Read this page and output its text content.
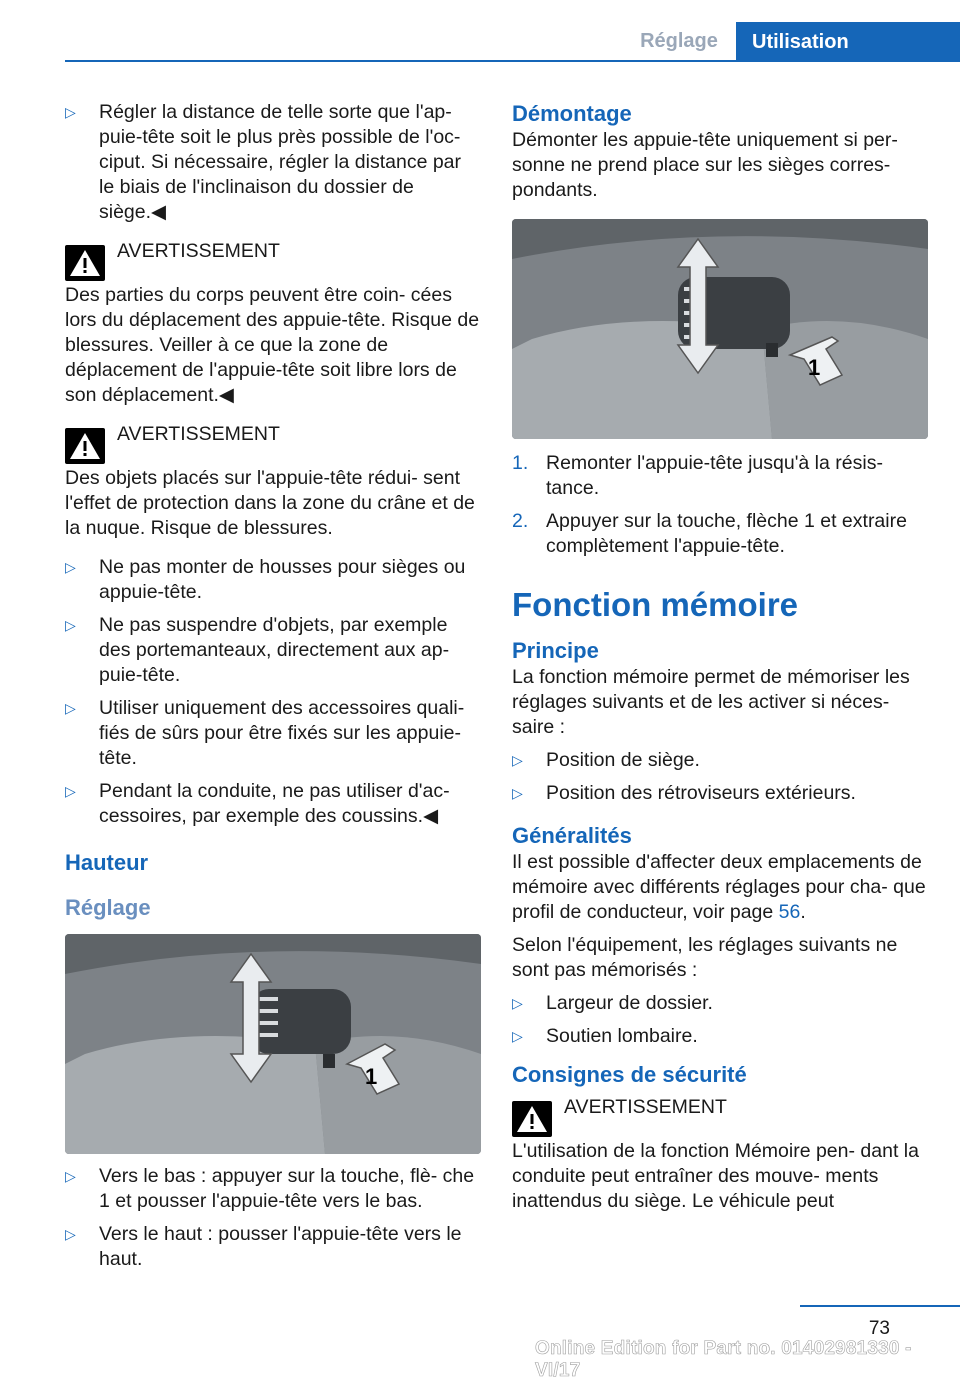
Réglage	Utilisation
▷ Régler la distance de telle sorte que l'ap‐ puie-tête soit le plus près possible de l'oc‐ ciput. Si nécessaire, régler la distance par le biais de l'inclinaison du dossier de siège.◀
AVERTISSEMENT
Des parties du corps peuvent être coin‐ cées lors du déplacement des appuie-tête. Risque de blessures. Veiller à ce que la zone de déplacement de l'appuie-tête soit libre lors de son déplacement.◀
AVERTISSEMENT
Des objets placés sur l'appuie-tête rédui‐ sent l'effet de protection dans la zone du crâne et de la nuque. Risque de blessures.
▷ Ne pas monter de housses pour sièges ou appuie-tête.
▷ Ne pas suspendre d'objets, par exemple des portemanteaux, directement aux ap‐ puie-tête.
▷ Utiliser uniquement des accessoires quali‐ fiés de sûrs pour être fixés sur les appuie-tête.
▷ Pendant la conduite, ne pas utiliser d'ac‐ cessoires, par exemple des coussins.◀
Hauteur
Réglage
1
▷ Vers le bas : appuyer sur la touche, flè‐ che 1 et pousser l'appuie-tête vers le bas.
▷ Vers le haut : pousser l'appuie-tête vers le haut.
Démontage

Démonter les appuie-tête uniquement si per‐ sonne ne prend place sur les sièges corres‐ pondants.

1
1. Remonter l'appuie-tête jusqu'à la résis‐ tance.
2. Appuyer sur la touche, flèche 1 et extraire complètement l'appuie-tête.
Fonction mémoire
Principe

La fonction mémoire permet de mémoriser les réglages suivants et de les activer si néces‐ saire :

▷ Position de siège.
▷ Position des rétroviseurs extérieurs.
Généralités

Il est possible d'affecter deux emplacements de mémoire avec différents réglages pour cha‐ que profil de conducteur, voir page 56.

Selon l'équipement, les réglages suivants ne sont pas mémorisés :

▷ Largeur de dossier.
▷ Soutien lombaire.
Consignes de sécurité
AVERTISSEMENT
L'utilisation de la fonction Mémoire pen‐ dant la conduite peut entraîner des mouve‐ ments inattendus du siège. Le véhicule peut
73
Online Edition for Part no. 01402981330 - VI/17
